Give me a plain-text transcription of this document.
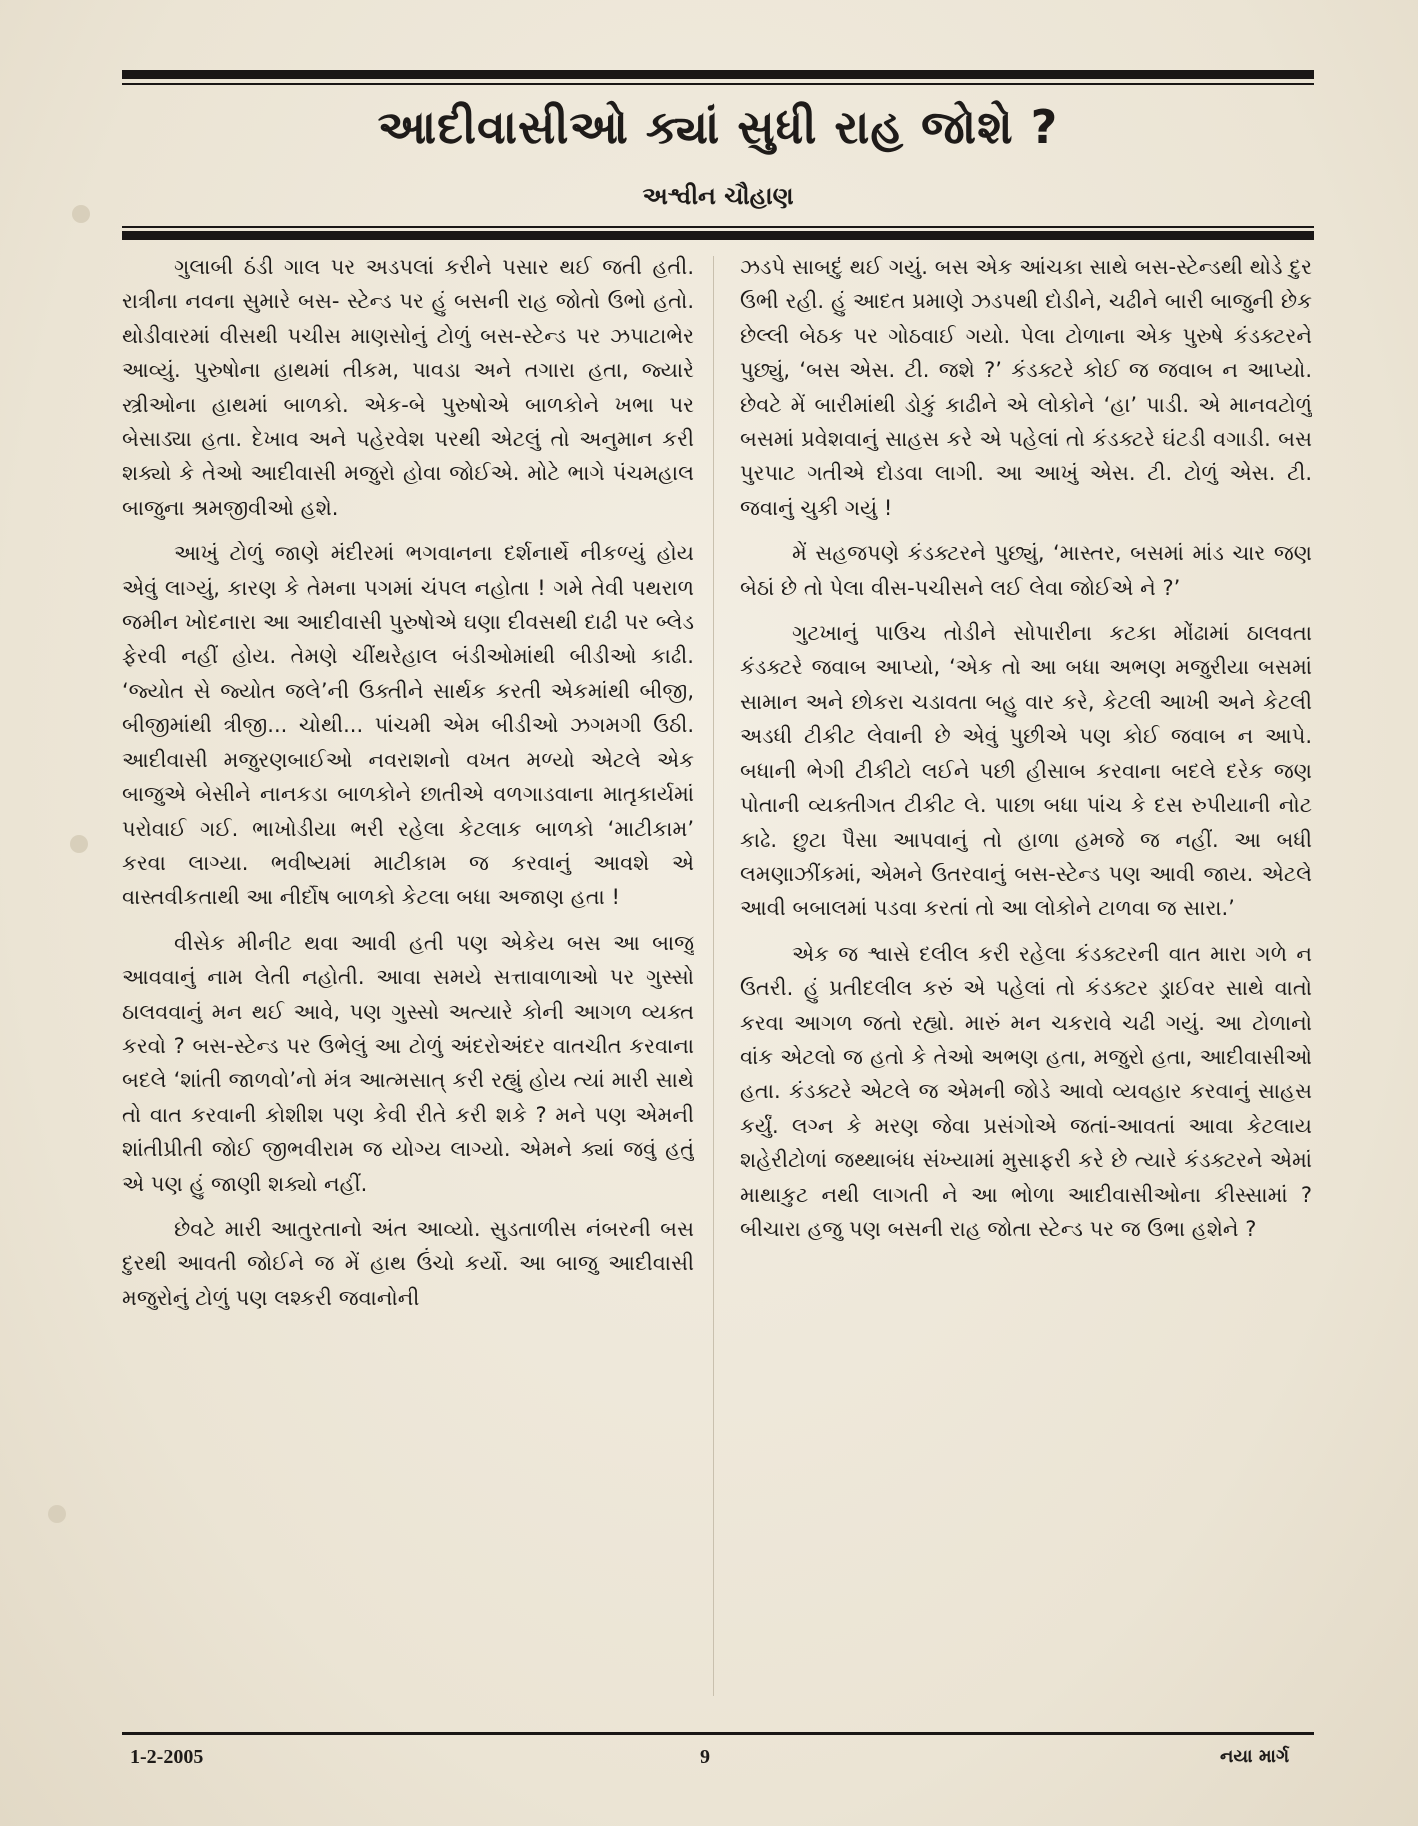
આદીવાસીઓ ક્યાં સુધી રાહ જોશે ?
અશ્વીન ચૌહાણ

ગુલાબી ઠંડી ગાલ પર અડપલાં કરીને પસાર થઈ જતી હતી. રાત્રીના નવના સુમારે બસ- સ્ટેન્ડ પર હું બસની રાહ જોતો ઉભો હતો. થોડીવારમાં વીસથી પચીસ માણસોનું ટોળું બસ-સ્ટેન્ડ પર ઝપાટાભેર આવ્યું. પુરુષોના હાથમાં તીકમ, પાવડા અને તગારા હતા, જ્યારે સ્ત્રીઓના હાથમાં બાળકો. એક-બે પુરુષોએ બાળકોને ખભા પર બેસાડ્યા હતા. દેખાવ અને પહેરવેશ પરથી એટલું તો અનુમાન કરી શક્યો કે તેઓ આદીવાસી મજુરો હોવા જોઈએ. મોટે ભાગે પંચમહાલ બાજુના શ્રમજીવીઓ હશે.

આખું ટોળું જાણે મંદીરમાં ભગવાનના દર્શનાર્થે નીકળ્યું હોય એવું લાગ્યું, કારણ કે તેમના પગમાં ચંપલ નહોતા ! ગમે તેવી પથરાળ જમીન ખોદનારા આ આદીવાસી પુરુષોએ ઘણા દીવસથી દાઢી પર બ્લેડ ફેરવી નહીં હોય. તેમણે ચીંથરેહાલ બંડીઓમાંથી બીડીઓ કાઢી. ‘જ્યોત સે જ્યોત જલે’ની ઉક્તીને સાર્થક કરતી એકમાંથી બીજી, બીજીમાંથી ત્રીજી... ચોથી... પાંચમી એમ બીડીઓ ઝગમગી ઉઠી. આદીવાસી મજુરણબાઈઓ નવરાશનો વખત મળ્યો એટલે એક બાજુએ બેસીને નાનકડા બાળકોને છાતીએ વળગાડવાના માતૃકાર્યમાં પરોવાઈ ગઈ. ભાખોડીયા ભરી રહેલા કેટલાક બાળકો ‘માટીકામ’ કરવા લાગ્યા. ભવીષ્યમાં માટીકામ જ કરવાનું આવશે એ વાસ્તવીકતાથી આ નીર્દોષ બાળકો કેટલા બધા અજાણ હતા !

વીસેક મીનીટ થવા આવી હતી પણ એકેય બસ આ બાજુ આવવાનું નામ લેતી નહોતી. આવા સમયે સત્તાવાળાઓ પર ગુસ્સો ઠાલવવાનું મન થઈ આવે, પણ ગુસ્સો અત્યારે કોની આગળ વ્યક્ત કરવો ? બસ-સ્ટેન્ડ પર ઉભેલું આ ટોળું અંદરોઅંદર વાતચીત કરવાના બદલે ‘શાંતી જાળવો’નો મંત્ર આત્મસાત્ કરી રહ્યું હોય ત્યાં મારી સાથે તો વાત કરવાની કોશીશ પણ કેવી રીતે કરી શકે ? મને પણ એમની શાંતીપ્રીતી જોઈ જીભવીરામ જ યોગ્ય લાગ્યો. એમને ક્યાં જવું હતું એ પણ હું જાણી શક્યો નહીં.

છેવટે મારી આતુરતાનો અંત આવ્યો. સુડતાળીસ નંબરની બસ દુરથી આવતી જોઈને જ મેં હાથ ઉંચો કર્યો. આ બાજુ આદીવાસી મજુરોનું ટોળું પણ લશ્કરી જવાનોની

ઝડપે સાબદું થઈ ગયું. બસ એક આંચકા સાથે બસ-સ્ટેન્ડથી થોડે દુર ઉભી રહી. હું આદત પ્રમાણે ઝડપથી દોડીને, ચઢીને બારી બાજુની છેક છેલ્લી બેઠક પર ગોઠવાઈ ગયો. પેલા ટોળાના એક પુરુષે કંડક્ટરને પુછ્યું, ‘બસ એસ. ટી. જશે ?’ કંડક્ટરે કોઈ જ જવાબ ન આપ્યો. છેવટે મેં બારીમાંથી ડોકું કાઢીને એ લોકોને ‘હા’ પાડી. એ માનવટોળું બસમાં પ્રવેશવાનું સાહસ કરે એ પહેલાં તો કંડક્ટરે ઘંટડી વગાડી. બસ પુરપાટ ગતીએ દોડવા લાગી. આ આખું એસ. ટી. ટોળું એસ. ટી. જવાનું ચુકી ગયું !

મેં સહજપણે કંડક્ટરને પુછ્યું, ‘માસ્તર, બસમાં માંડ ચાર જણ બેઠાં છે તો પેલા વીસ-પચીસને લઈ લેવા જોઈએ ને ?’

ગુટખાનું પાઉચ તોડીને સોપારીના કટકા મોંઢામાં ઠાલવતા કંડક્ટરે જવાબ આપ્યો, ‘એક તો આ બધા અભણ મજુરીયા બસમાં સામાન અને છોકરા ચડાવતા બહુ વાર કરે, કેટલી આખી અને કેટલી અડધી ટીકીટ લેવાની છે એવું પુછીએ પણ કોઈ જવાબ ન આપે. બધાની ભેગી ટીકીટો લઈને પછી હીસાબ કરવાના બદલે દરેક જણ પોતાની વ્યક્તીગત ટીકીટ લે. પાછા બધા પાંચ કે દસ રુપીયાની નોટ કાઢે. છુટા પૈસા આપવાનું તો હાળા હમજે જ નહીં. આ બધી લમણાઝીંકમાં, એમને ઉતરવાનું બસ-સ્ટેન્ડ પણ આવી જાય. એટલે આવી બબાલમાં પડવા કરતાં તો આ લોકોને ટાળવા જ સારા.’

એક જ શ્વાસે દલીલ કરી રહેલા કંડક્ટરની વાત મારા ગળે ન ઉતરી. હું પ્રતીદલીલ કરું એ પહેલાં તો કંડક્ટર ડ્રાઈવર સાથે વાતો કરવા આગળ જતો રહ્યો. મારું મન ચકરાવે ચઢી ગયું. આ ટોળાનો વાંક એટલો જ હતો કે તેઓ અભણ હતા, મજુરો હતા, આદીવાસીઓ હતા. કંડક્ટરે એટલે જ એમની જોડે આવો વ્યવહાર કરવાનું સાહસ કર્યું. લગ્ન કે મરણ જેવા પ્રસંગોએ જતાં-આવતાં આવા કેટલાય શહેરીટોળાં જથ્થાબંધ સંખ્યામાં મુસાફરી કરે છે ત્યારે કંડક્ટરને એમાં માથાકુટ નથી લાગતી ને આ ભોળા આદીવાસીઓના કીસ્સામાં ? બીચારા હજુ પણ બસની રાહ જોતા સ્ટેન્ડ પર જ ઉભા હશેને ?

1-2-2005	9	નયા માર્ગ
